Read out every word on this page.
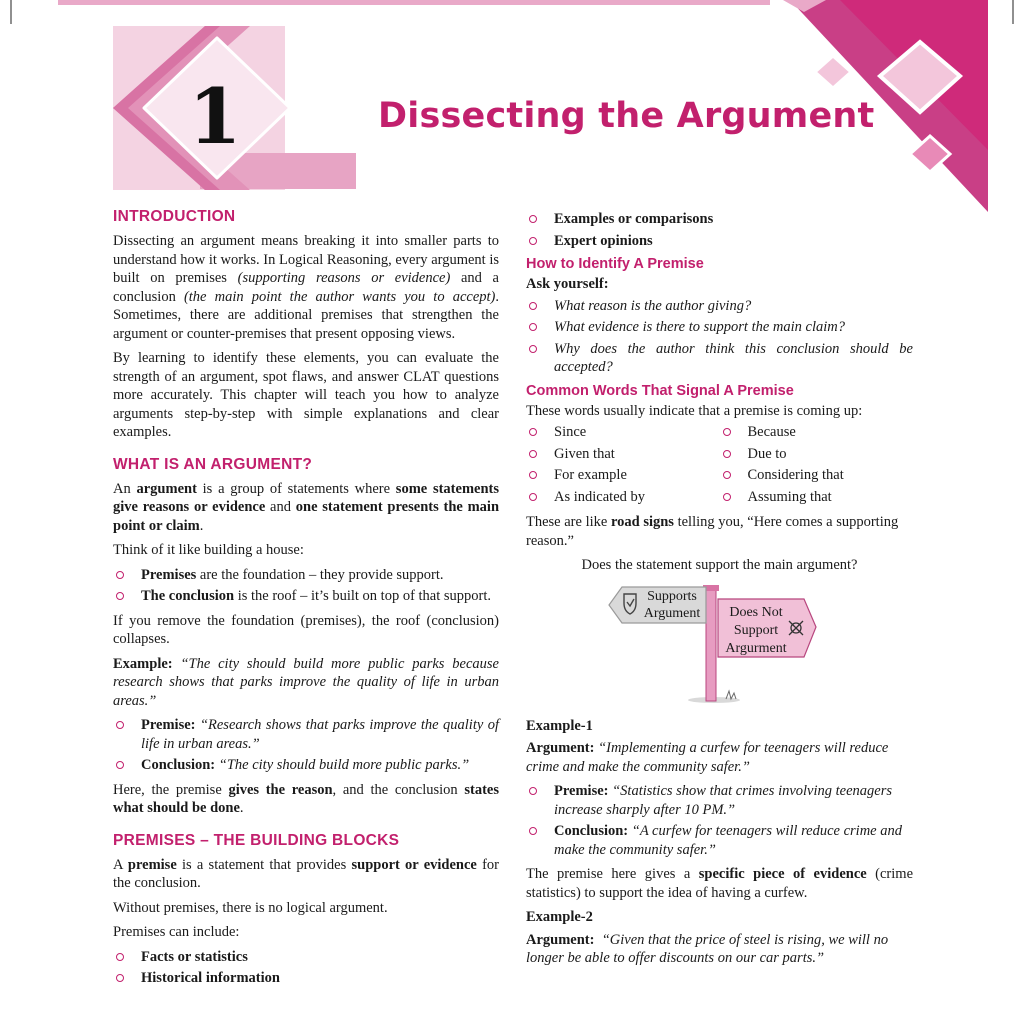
1	Dissecting the Argument
INTRODUCTION

Dissecting an argument means breaking it into smaller parts to understand how it works. In Logical Reasoning, every argument is built on premises (supporting reasons or evidence) and a conclusion (the main point the author wants you to accept). Sometimes, there are additional premises that strengthen the argument or counter-premises that present opposing views.

By learning to identify these elements, you can evaluate the strength of an argument, spot flaws, and answer CLAT questions more accurately. This chapter will teach you how to analyze arguments step-by-step with simple explanations and clear examples.

WHAT IS AN ARGUMENT?

An argument is a group of statements where some statements give reasons or evidence and one statement presents the main point or claim.

Think of it like building a house:

Premises are the foundation – they provide support.
The conclusion is the roof – it’s built on top of that support.

If you remove the foundation (premises), the roof (conclusion) collapses.

Example: “The city should build more public parks because research shows that parks improve the quality of life in urban areas.”

Premise: “Research shows that parks improve the quality of life in urban areas.”
Conclusion: “The city should build more public parks.”

Here, the premise gives the reason, and the conclusion states what should be done.

PREMISES – THE BUILDING BLOCKS

A premise is a statement that provides support or evidence for the conclusion.

Without premises, there is no logical argument.

Premises can include:

Facts or statistics
Historical information
Examples or comparisons
Expert opinions
How to Identify A Premise

Ask yourself:

What reason is the author giving?
What evidence is there to support the main claim?
Why does the author think this conclusion should be accepted?
Common Words That Signal A Premise

These words usually indicate that a premise is coming up:

Since	Because
Given that	Due to
For example	Considering that
As indicated by	Assuming that

These are like road signs telling you, “Here comes a supporting reason.”

Does the statement support the main argument?

Supports
Argument Does Not
Support
Argurment

Example-1

Argument: “Implementing a curfew for teenagers will reduce crime and make the community safer.”

Premise: “Statistics show that crimes involving teenagers increase sharply after 10 PM.”
Conclusion: “A curfew for teenagers will reduce crime and make the community safer.”

The premise here gives a specific piece of evidence (crime statistics) to support the idea of having a curfew.

Example-2

Argument: “Given that the price of steel is rising, we will no longer be able to offer discounts on our car parts.”
